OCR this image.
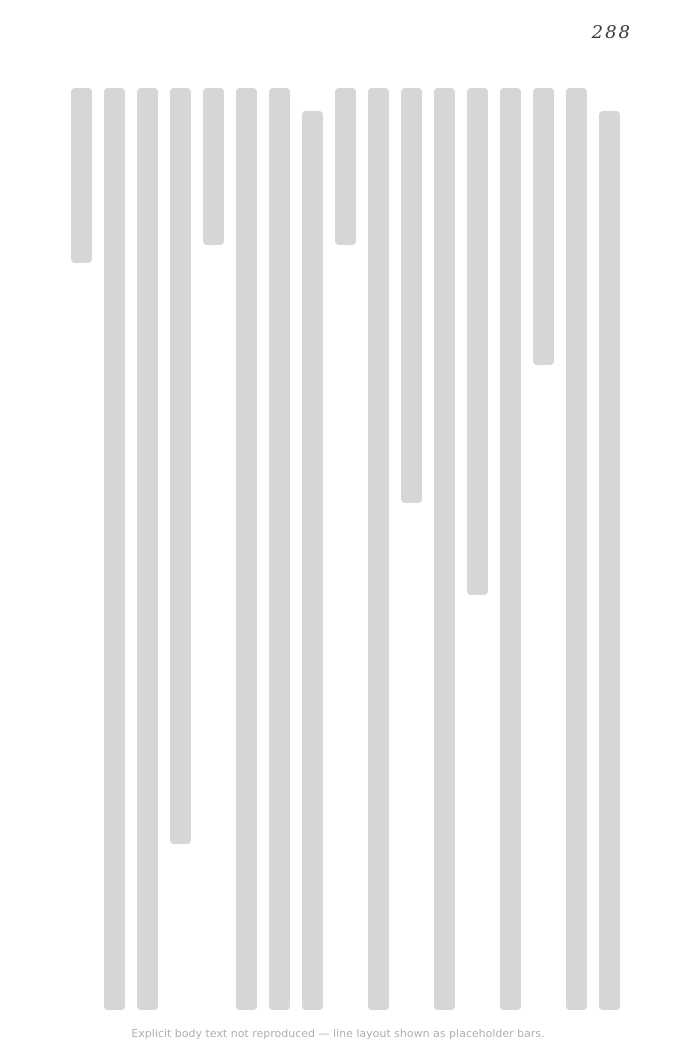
288
Explicit body text not reproduced — line layout shown as placeholder bars.
